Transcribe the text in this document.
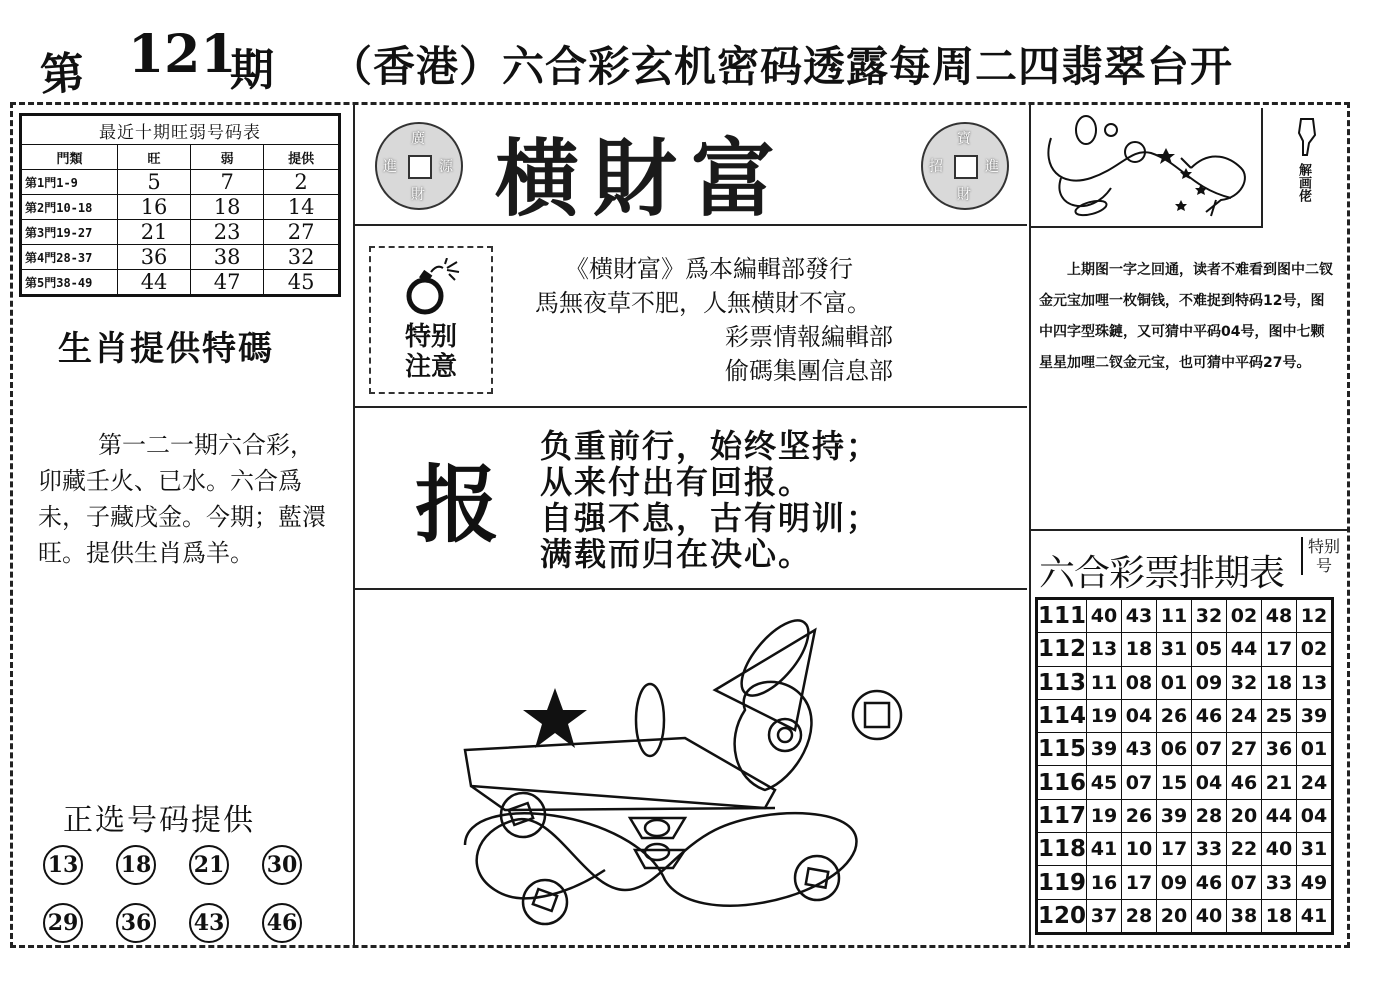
第 121
期 （香港）六合彩玄机密码透露每周二四翡翠台开
最近十期旺弱号码表			
門類	旺	弱	提供
第1門1-9	5	7	2
第2門10-18	16	18	14
第3門19-27	21	23	27
第4門28-37	36	38	32
第5門38-49	44	47	45
生肖提供特碼
第一二一期六合彩，卯藏壬火、已水。六合爲未，子藏戌金。今期；藍澴旺。提供生肖爲羊。
正选号码提供
13 18 21 30
29 36 43 46
廣
進	源
財 横財富	寶
招	進
財
特别
注意
《横財富》爲本編輯部發行
馬無夜草不肥，人無横財不富。
彩票情報編輯部
偷碼集團信息部
报
负重前行，始终坚持；
从来付出有回报。
自强不息，古有明训；
满载而归在决心。
解画佬
上期图一字之回通，读者不难看到图中二钗金元宝加哩一枚铜钱，不难捉到特码12号，图中四字型珠鏈，又可猜中平码04号，图中七颗星星加哩二钗金元宝，也可猜中平码27号。
六合彩票排期表
特别号
111	40	43	11	32	02	48	12
112	13	18	31	05	44	17	02
113	11	08	01	09	32	18	13
114	19	04	26	46	24	25	39
115	39	43	06	07	27	36	01
116	45	07	15	04	46	21	24
117	19	26	39	28	20	44	04
118	41	10	17	33	22	40	31
119	16	17	09	46	07	33	49
120	37	28	20	40	38	18	41
